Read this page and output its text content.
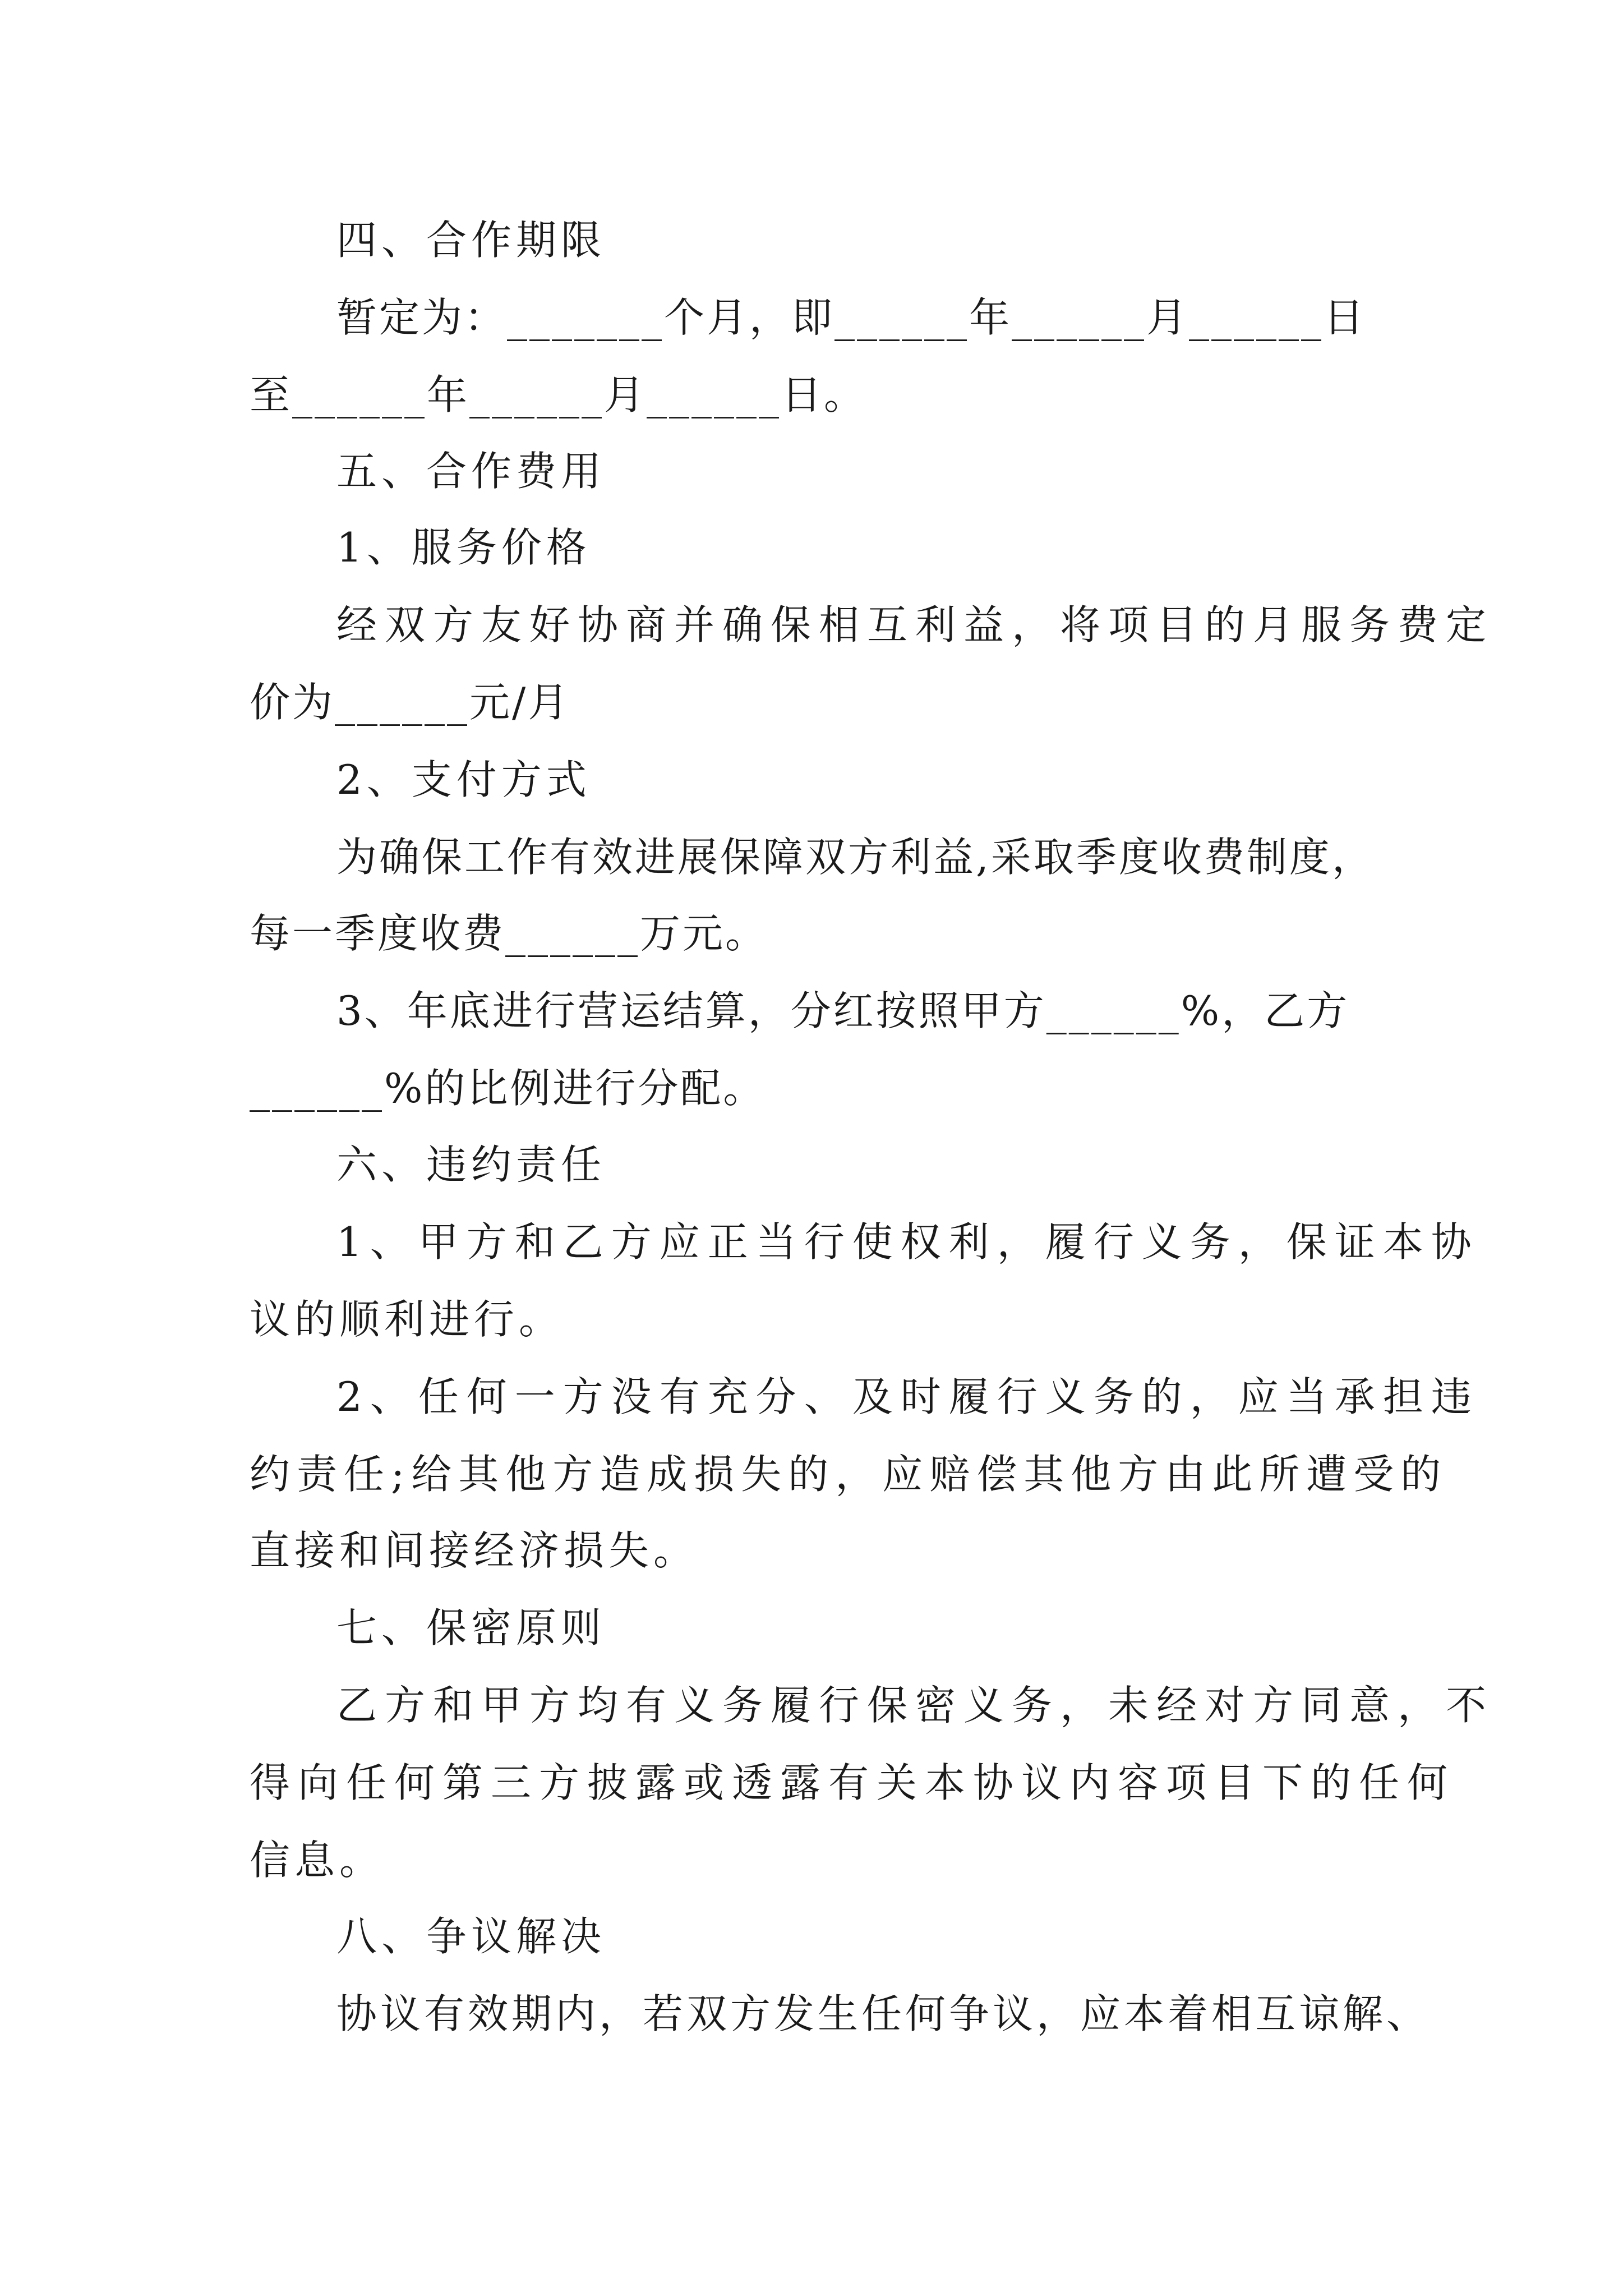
四、合作期限
暂定为：_______个月，即______年______月______日
至______年______月______日。
五、合作费用
1、服务价格
经双方友好协商并确保相互利益，将项目的月服务费定
价为______元/月
2、支付方式
为确保工作有效进展保障双方利益,采取季度收费制度，
每一季度收费______万元。
3、年底进行营运结算，分红按照甲方______%，乙方
______%的比例进行分配。
六、违约责任
1、甲方和乙方应正当行使权利，履行义务，保证本协
议的顺利进行。
2、任何一方没有充分、及时履行义务的，应当承担违
约责任;给其他方造成损失的，应赔偿其他方由此所遭受的
直接和间接经济损失。
七、保密原则
乙方和甲方均有义务履行保密义务，未经对方同意，不
得向任何第三方披露或透露有关本协议内容项目下的任何
信息。
八、争议解决
协议有效期内，若双方发生任何争议，应本着相互谅解、
